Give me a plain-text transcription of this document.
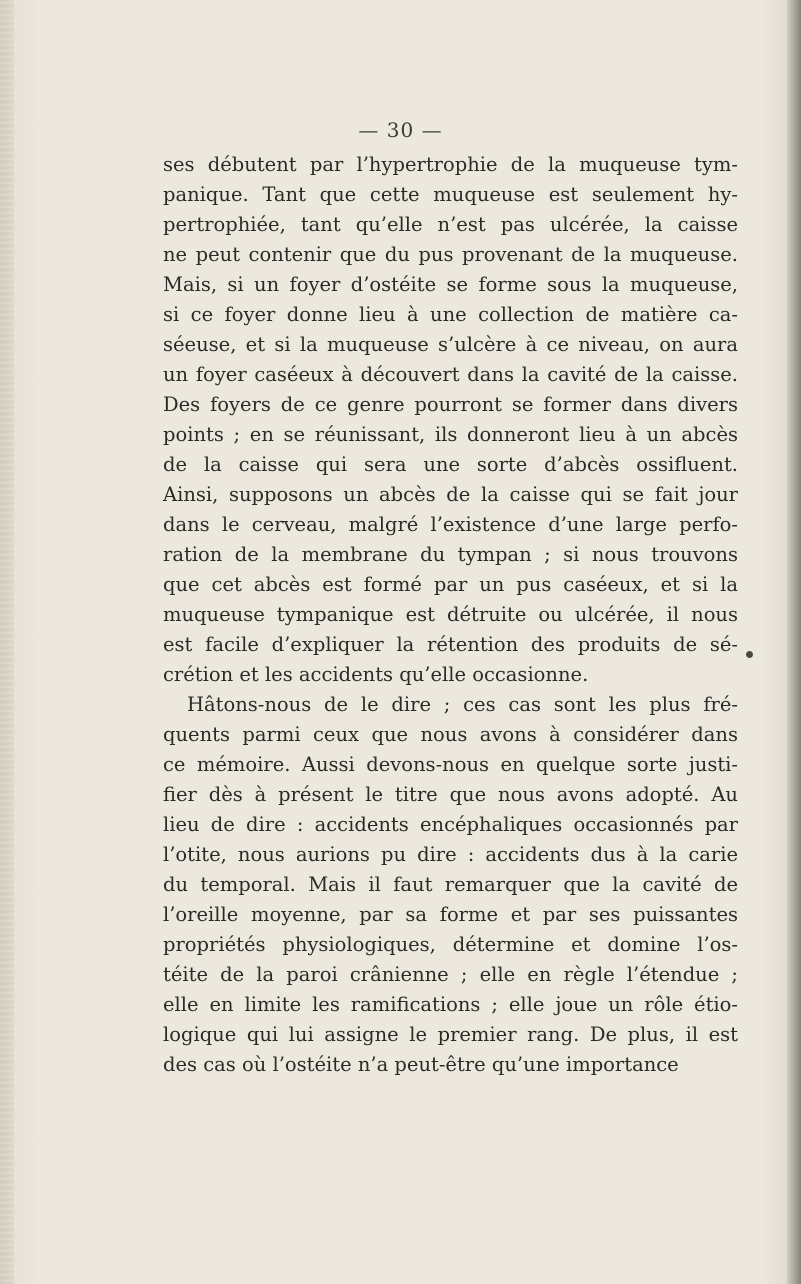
— 30 —
ses débutent par l’hypertrophie de la muqueuse tym-
panique. Tant que cette muqueuse est seulement hy-
pertrophiée, tant qu’elle n’est pas ulcérée, la caisse
ne peut contenir que du pus provenant de la muqueuse.
Mais, si un foyer d’ostéite se forme sous la muqueuse,
si ce foyer donne lieu à une collection de matière ca-
séeuse, et si la muqueuse s’ulcère à ce niveau, on aura
un foyer caséeux à découvert dans la cavité de la caisse.
Des foyers de ce genre pourront se former dans divers
points ; en se réunissant, ils donneront lieu à un abcès
de la caisse qui sera une sorte d’abcès ossifluent.
Ainsi, supposons un abcès de la caisse qui se fait jour
dans le cerveau, malgré l’existence d’une large perfo-
ration de la membrane du tympan ; si nous trouvons
que cet abcès est formé par un pus caséeux, et si la
muqueuse tympanique est détruite ou ulcérée, il nous
est facile d’expliquer la rétention des produits de sé-
crétion et les accidents qu’elle occasionne.
Hâtons-nous de le dire ; ces cas sont les plus fré-
quents parmi ceux que nous avons à considérer dans
ce mémoire. Aussi devons-nous en quelque sorte justi-
fier dès à présent le titre que nous avons adopté. Au
lieu de dire : accidents encéphaliques occasionnés par
l’otite, nous aurions pu dire : accidents dus à la carie
du temporal. Mais il faut remarquer que la cavité de
l’oreille moyenne, par sa forme et par ses puissantes
propriétés physiologiques, détermine et domine l’os-
téite de la paroi crânienne ; elle en règle l’étendue ;
elle en limite les ramifications ; elle joue un rôle étio-
logique qui lui assigne le premier rang. De plus, il est
des cas où l’ostéite n’a peut-être qu’une importance
